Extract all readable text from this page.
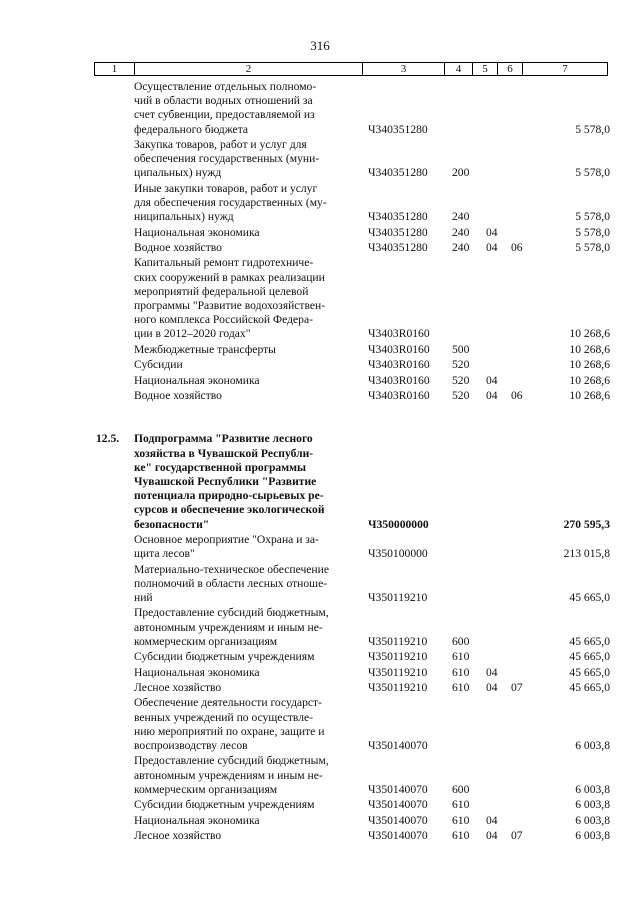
316
1	2	3	4	5	6	7
Осуществление отдельных полномо-
чий в области водных отношений за
счет субвенции, предоставляемой из
федерального бюджета	Ч340351280	5 578,0
Закупка товаров, работ и услуг для
обеспечения государственных (муни-
ципальных) нужд	Ч340351280 200	5 578,0
Иные закупки товаров, работ и услуг
для обеспечения государственных (му-
ниципальных) нужд	Ч340351280 240	5 578,0
Национальная экономика	Ч340351280 240 04	5 578,0
Водное хозяйство	Ч340351280 240 04 06	5 578,0
Капитальный ремонт гидротехниче-
ских сооружений в рамках реализации
мероприятий федеральной целевой
программы "Развитие водохозяйствен-
ного комплекса Российской Федера-
ции в 2012–2020 годах"	Ч3403R0160	10 268,6
Межбюджетные трансферты	Ч3403R0160 500	10 268,6
Субсидии	Ч3403R0160 520	10 268,6
Национальная экономика	Ч3403R0160 520 04	10 268,6
Водное хозяйство	Ч3403R0160 520 04 06	10 268,6
12.5. Подпрограмма "Развитие лесного
хозяйства в Чувашской Республи-
ке" государственной программы
Чувашской Республики "Развитие
потенциала природно-сырьевых ре-
сурсов и обеспечение экологической
безопасности"	Ч350000000	270 595,3
Основное мероприятие "Охрана и за-
щита лесов"	Ч350100000	213 015,8
Материально-техническое обеспечение
полномочий в области лесных отноше-
ний	Ч350119210	45 665,0
Предоставление субсидий бюджетным,
автономным учреждениям и иным не-
коммерческим организациям	Ч350119210 600	45 665,0
Субсидии бюджетным учреждениям	Ч350119210 610	45 665,0
Национальная экономика	Ч350119210 610 04	45 665,0
Лесное хозяйство	Ч350119210 610 04 07	45 665,0
Обеспечение деятельности государст-
венных учреждений по осуществле-
нию мероприятий по охране, защите и
воспроизводству лесов	Ч350140070	6 003,8
Предоставление субсидий бюджетным,
автономным учреждениям и иным не-
коммерческим организациям	Ч350140070 600	6 003,8
Субсидии бюджетным учреждениям	Ч350140070 610	6 003,8
Национальная экономика	Ч350140070 610 04	6 003,8
Лесное хозяйство	Ч350140070 610 04 07	6 003,8
